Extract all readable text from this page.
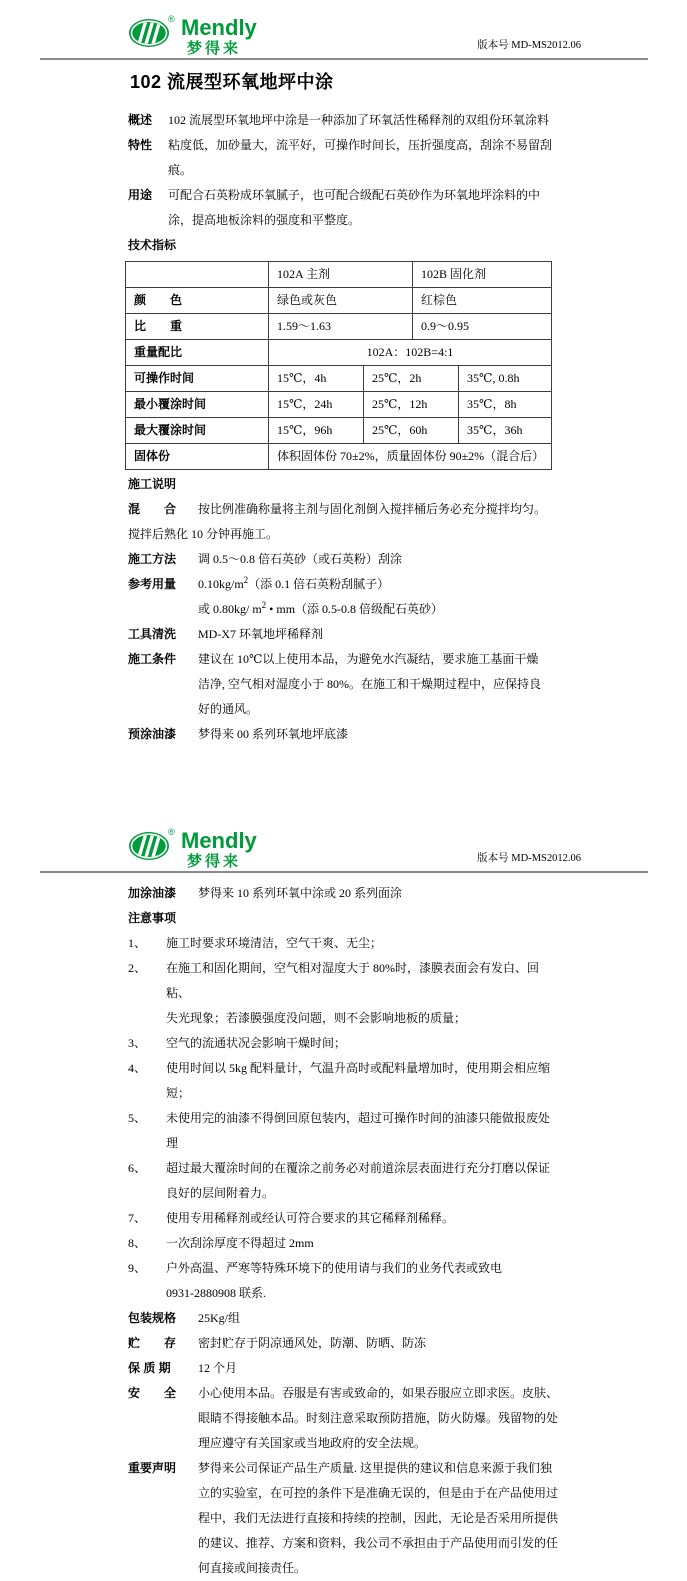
® Mendly
梦得来	版本号 MD-MS2012.06
102 流展型环氧地坪中涂
概述	102 流展型环氧地坪中涂是一种添加了环氧活性稀释剂的双组份环氧涂料
特性	粘度低，加砂量大，流平好，可操作时间长，压折强度高，刮涂不易留刮
痕。
用途	可配合石英粉成环氧腻子，也可配合级配石英砂作为环氧地坪涂料的中
涂，提高地板涂料的强度和平整度。
技术指标
	102A 主剂		102B 固化剂	
颜　　色	绿色或灰色		红棕色	
比　　重	1.59～1.63		0.9～0.95	
重量配比	102A：102B=4:1			
可操作时间	15℃，4h	25℃，2h		35℃, 0.8h
最小覆涂时间	15℃，24h	25℃，12h		35℃，8h
最大覆涂时间	15℃，96h	25℃，60h		35℃，36h
固体份	体积固体份 70±2%，质量固体份 90±2%（混合后）			
施工说明
混　　合	按比例准确称量将主剂与固化剂倒入搅拌桶后务必充分搅拌均匀。
搅拌后熟化 10 分钟再施工。
施工方法	调 0.5～0.8 倍石英砂（或石英粉）刮涂
参考用量	$0.10kg/m^2$（添 0.1 倍石英粉刮腻子）
或 0.80kg/ $m^2$ • mm（添 0.5-0.8 倍级配石英砂）
工具清洗	MD-X7 环氧地坪稀释剂
施工条件	建议在 10℃以上使用本品，为避免水汽凝结，要求施工基面干燥
洁净, 空气相对湿度小于 80%。在施工和干燥期过程中，应保持良
好的通风。
预涂油漆	梦得来 00 系列环氧地坪底漆
® Mendly
梦得来	版本号 MD-MS2012.06
加涂油漆	梦得来 10 系列环氧中涂或 20 系列面涂
注意事项
1、	施工时要求环境清洁，空气干爽、无尘；
2、	在施工和固化期间，空气相对湿度大于 80%时，漆膜表面会有发白、回粘、
失光现象；若漆膜强度没问题，则不会影响地板的质量；
3、	空气的流通状况会影响干燥时间；
4、	使用时间以 5kg 配料量计，气温升高时或配料量增加时，使用期会相应缩
短；
5、	未使用完的油漆不得倒回原包装内，超过可操作时间的油漆只能做报废处
理
6、	超过最大覆涂时间的在覆涂之前务必对前道涂层表面进行充分打磨以保证
良好的层间附着力。
7、	使用专用稀释剂或经认可符合要求的其它稀释剂稀释。
8、	一次刮涂厚度不得超过 2mm
9、	户外高温、严寒等特殊环境下的使用请与我们的业务代表或致电
0931-2880908 联系.
包装规格	25Kg/组
贮　　存	密封贮存于阴凉通风处，防潮、防晒、防冻
保 质 期	12 个月
安　　全	小心使用本品。吞服是有害或致命的，如果吞服应立即求医。皮肤、
眼睛不得接触本品。时刻注意采取预防措施，防火防爆。残留物的处
理应遵守有关国家或当地政府的安全法规。
重要声明	梦得来公司保证产品生产质量. 这里提供的建议和信息来源于我们独
立的实验室，在可控的条件下是准确无误的，但是由于在产品使用过
程中，我们无法进行直接和持续的控制，因此，无论是否采用所提供
的建议、推荐、方案和资料，我公司不承担由于产品使用而引发的任
何直接或间接责任。
